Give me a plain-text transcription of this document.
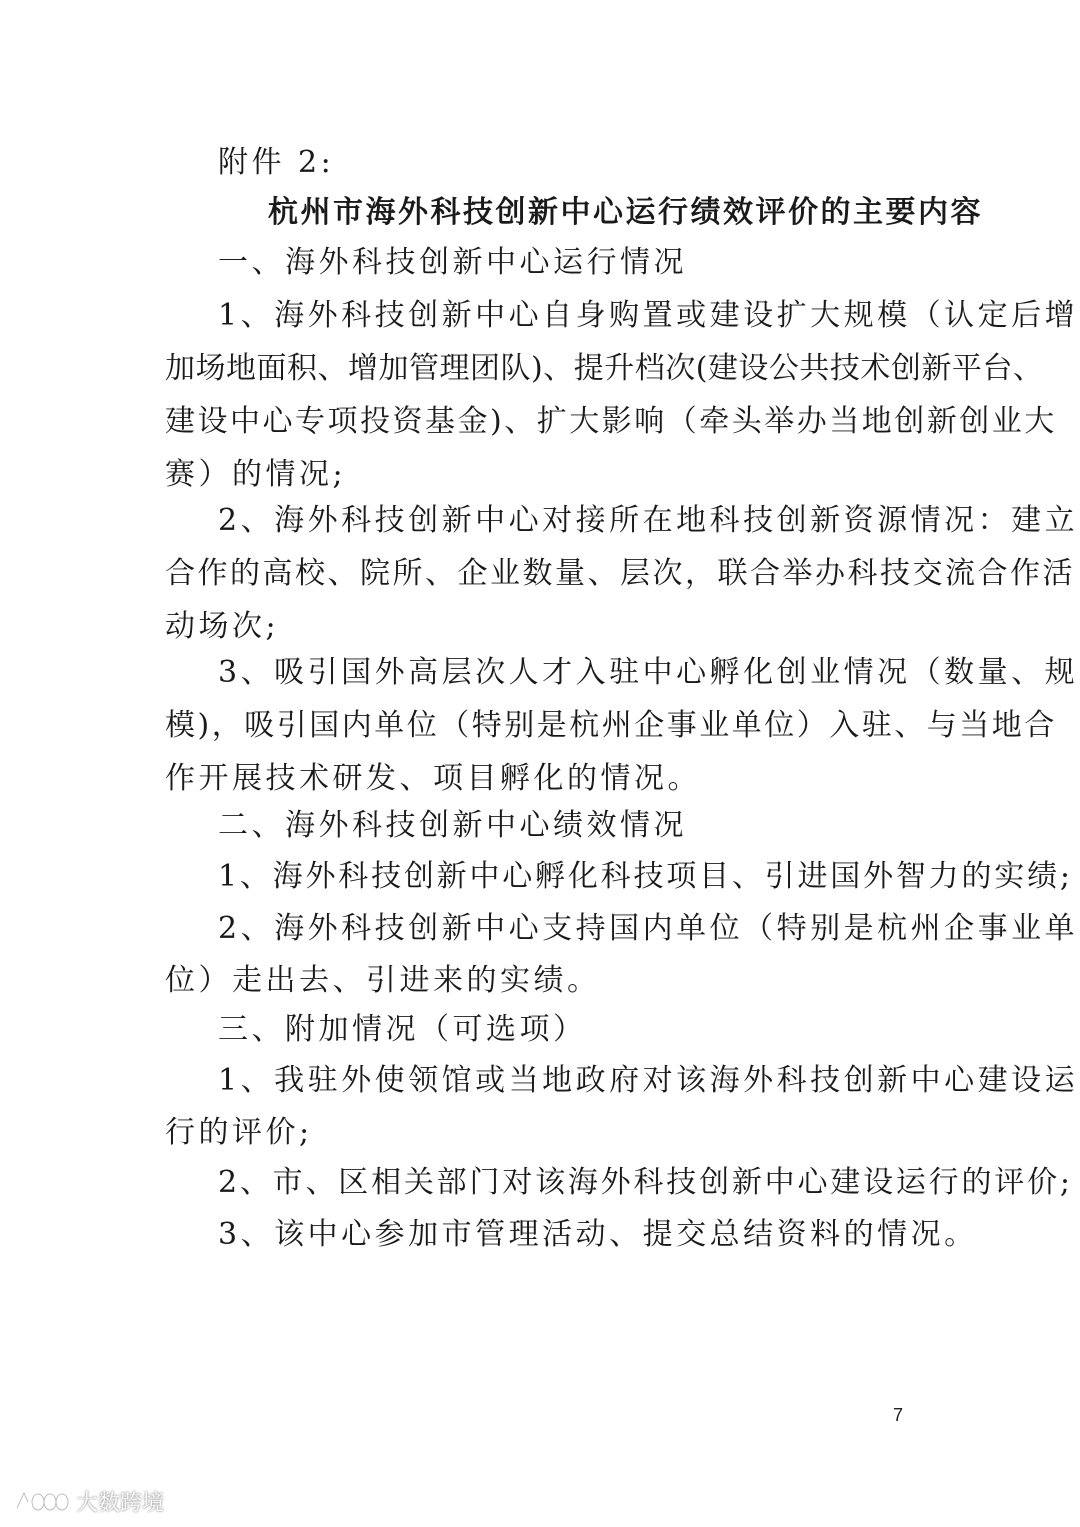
附件 2:
杭州市海外科技创新中心运行绩效评价的主要内容
一、海外科技创新中心运行情况
1、海外科技创新中心自身购置或建设扩大规模（认定后增
加场地面积、增加管理团队)、提升档次(建设公共技术创新平台、
建设中心专项投资基金)、扩大影响（牵头举办当地创新创业大
赛）的情况;
2、海外科技创新中心对接所在地科技创新资源情况：建立
合作的高校、院所、企业数量、层次，联合举办科技交流合作活
动场次;
3、吸引国外高层次人才入驻中心孵化创业情况（数量、规
模)，吸引国内单位（特别是杭州企事业单位）入驻、与当地合
作开展技术研发、项目孵化的情况。
二、海外科技创新中心绩效情况
1、海外科技创新中心孵化科技项目、引进国外智力的实绩;
2、海外科技创新中心支持国内单位（特别是杭州企事业单
位）走出去、引进来的实绩。
三、附加情况（可选项）
1、我驻外使领馆或当地政府对该海外科技创新中心建设运
行的评价;
2、市、区相关部门对该海外科技创新中心建设运行的评价;
3、该中心参加市管理活动、提交总结资料的情况。
7
大数跨境
